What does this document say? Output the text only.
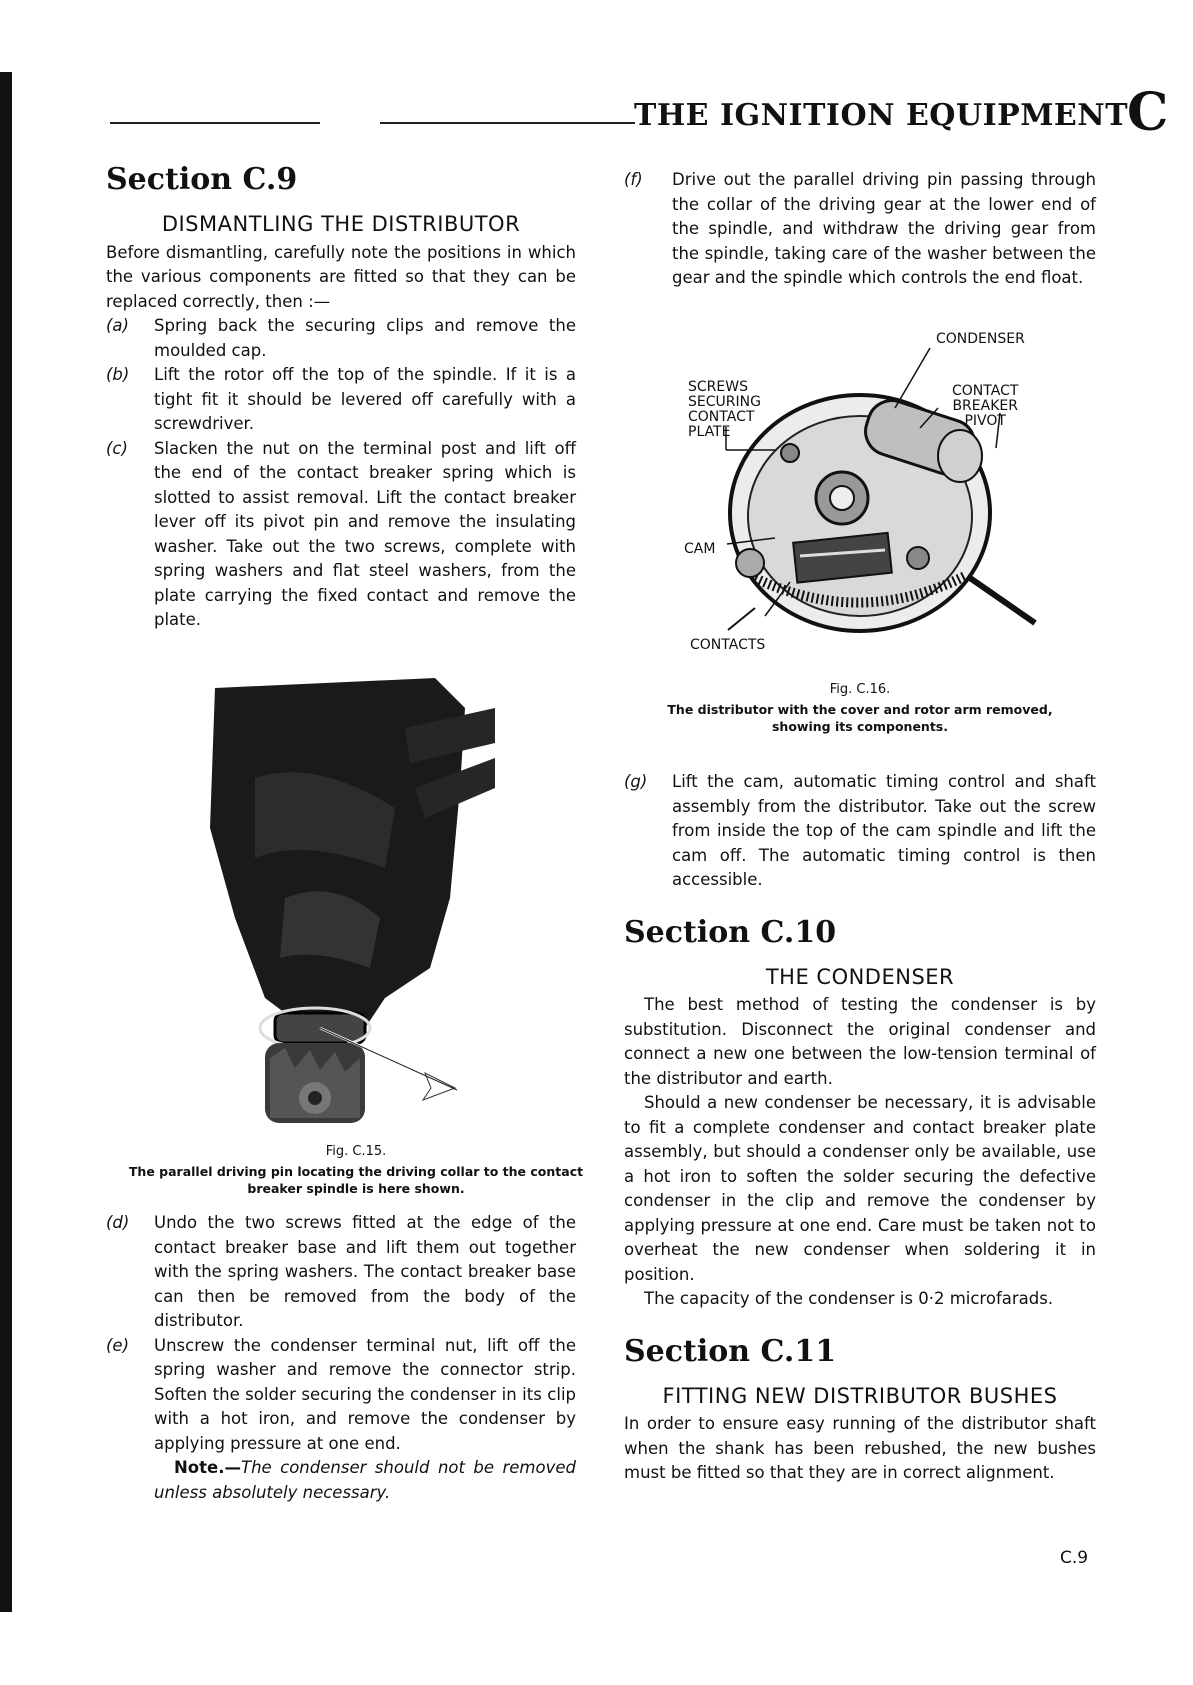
THE IGNITION EQUIPMENT
C
Section C.9
DISMANTLING THE DISTRIBUTOR

Before dismantling, carefully note the positions in which the various components are fitted so that they can be replaced correctly, then :—

(a)	Spring back the securing clips and remove the moulded cap.
(b)	Lift the rotor off the top of the spindle. If it is a tight fit it should be levered off carefully with a screwdriver.
(c)	Slacken the nut on the terminal post and lift off the end of the contact breaker spring which is slotted to assist removal. Lift the contact breaker lever off its pivot pin and remove the insulating washer. Take out the two screws, complete with spring washers and flat steel washers, from the plate carrying the fixed contact and remove the plate.
Fig. C.15.
The parallel driving pin locating the driving collar to the contact breaker spindle is here shown.
(d)	Undo the two screws fitted at the edge of the contact breaker base and lift them out together with the spring washers. The contact breaker base can then be removed from the body of the distributor.
(e)	Unscrew the condenser terminal nut, lift off the spring washer and remove the connector strip. Soften the solder securing the condenser in its clip with a hot iron, and remove the condenser by applying pressure at one end.
Note.—The condenser should not be removed unless absolutely necessary.
(f)	Drive out the parallel driving pin passing through the collar of the driving gear at the lower end of the spindle, and withdraw the driving gear from the spindle, taking care of the washer between the gear and the spindle which controls the end float.
CONDENSER
SCREWS
SECURING
CONTACT
PLATE
CONTACT
BREAKER
PIVOT
CAM
CONTACTS
Fig. C.16.
The distributor with the cover and rotor arm removed, showing its components.
(g)	Lift the cam, automatic timing control and shaft assembly from the distributor. Take out the screw from inside the top of the cam spindle and lift the cam off. The automatic timing control is then accessible.
Section C.10
THE CONDENSER

The best method of testing the condenser is by substitution. Disconnect the original condenser and connect a new one between the low-tension terminal of the distributor and earth.

Should a new condenser be necessary, it is advisable to fit a complete condenser and contact breaker plate assembly, but should a condenser only be available, use a hot iron to soften the solder securing the defective condenser in the clip and remove the condenser by applying pressure at one end. Care must be taken not to overheat the new condenser when soldering it in position.

The capacity of the condenser is 0·2 microfarads.

Section C.11
FITTING NEW DISTRIBUTOR BUSHES

In order to ensure easy running of the distributor shaft when the shank has been rebushed, the new bushes must be fitted so that they are in correct alignment.

C.9
